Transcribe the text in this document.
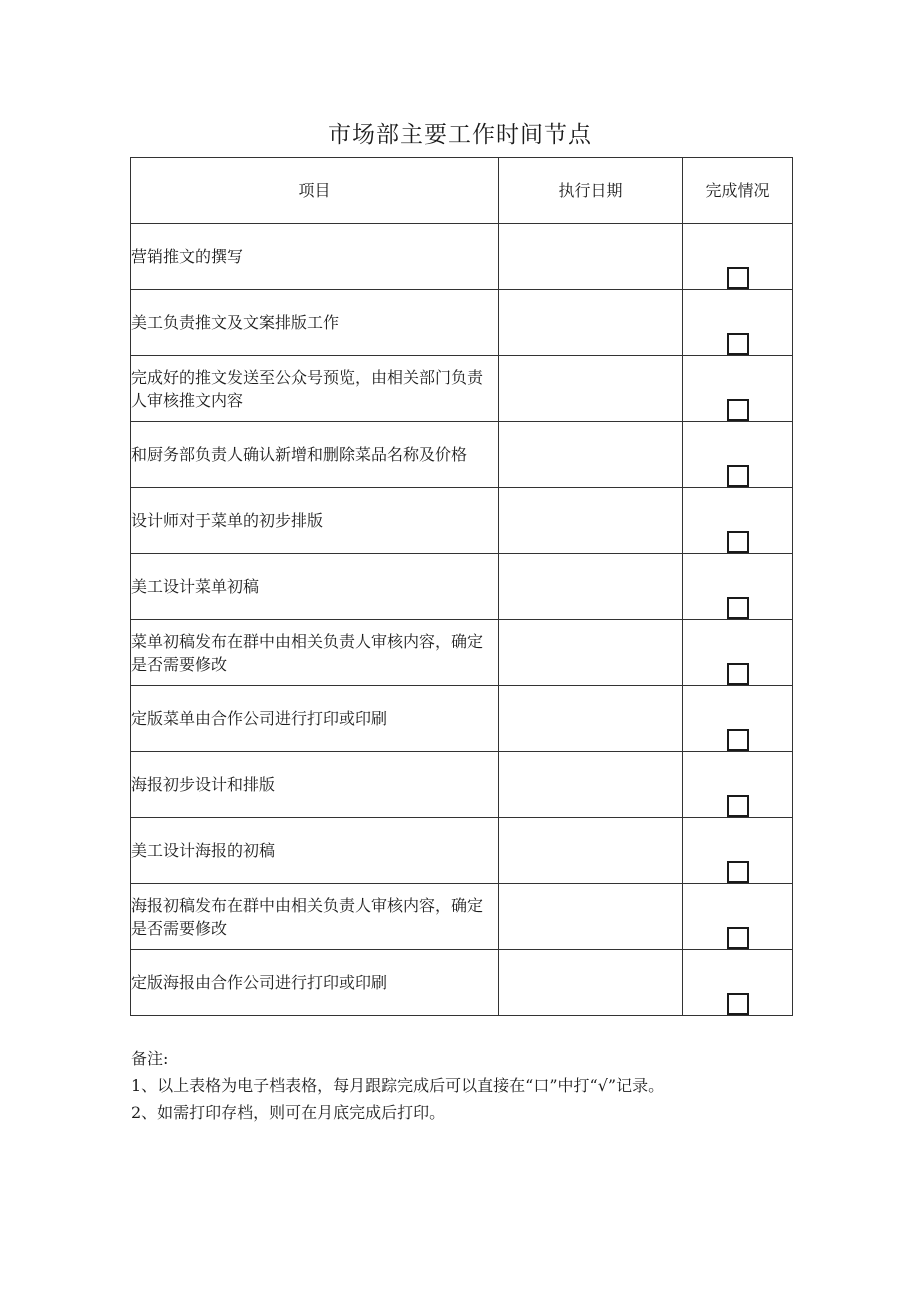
市场部主要工作时间节点
项目	执行日期	完成情况
营销推文的撰写		
美工负责推文及文案排版工作		
完成好的推文发送至公众号预览，由相关部门负责人审核推文内容		
和厨务部负责人确认新增和删除菜品名称及价格		
设计师对于菜单的初步排版		
美工设计菜单初稿		
菜单初稿发布在群中由相关负责人审核内容，确定是否需要修改		
定版菜单由合作公司进行打印或印刷		
海报初步设计和排版		
美工设计海报的初稿		
海报初稿发布在群中由相关负责人审核内容，确定是否需要修改		
定版海报由合作公司进行打印或印刷		

备注:

1、以上表格为电子档表格，每月跟踪完成后可以直接在“口”中打“√”记录。

2、如需打印存档，则可在月底完成后打印。
